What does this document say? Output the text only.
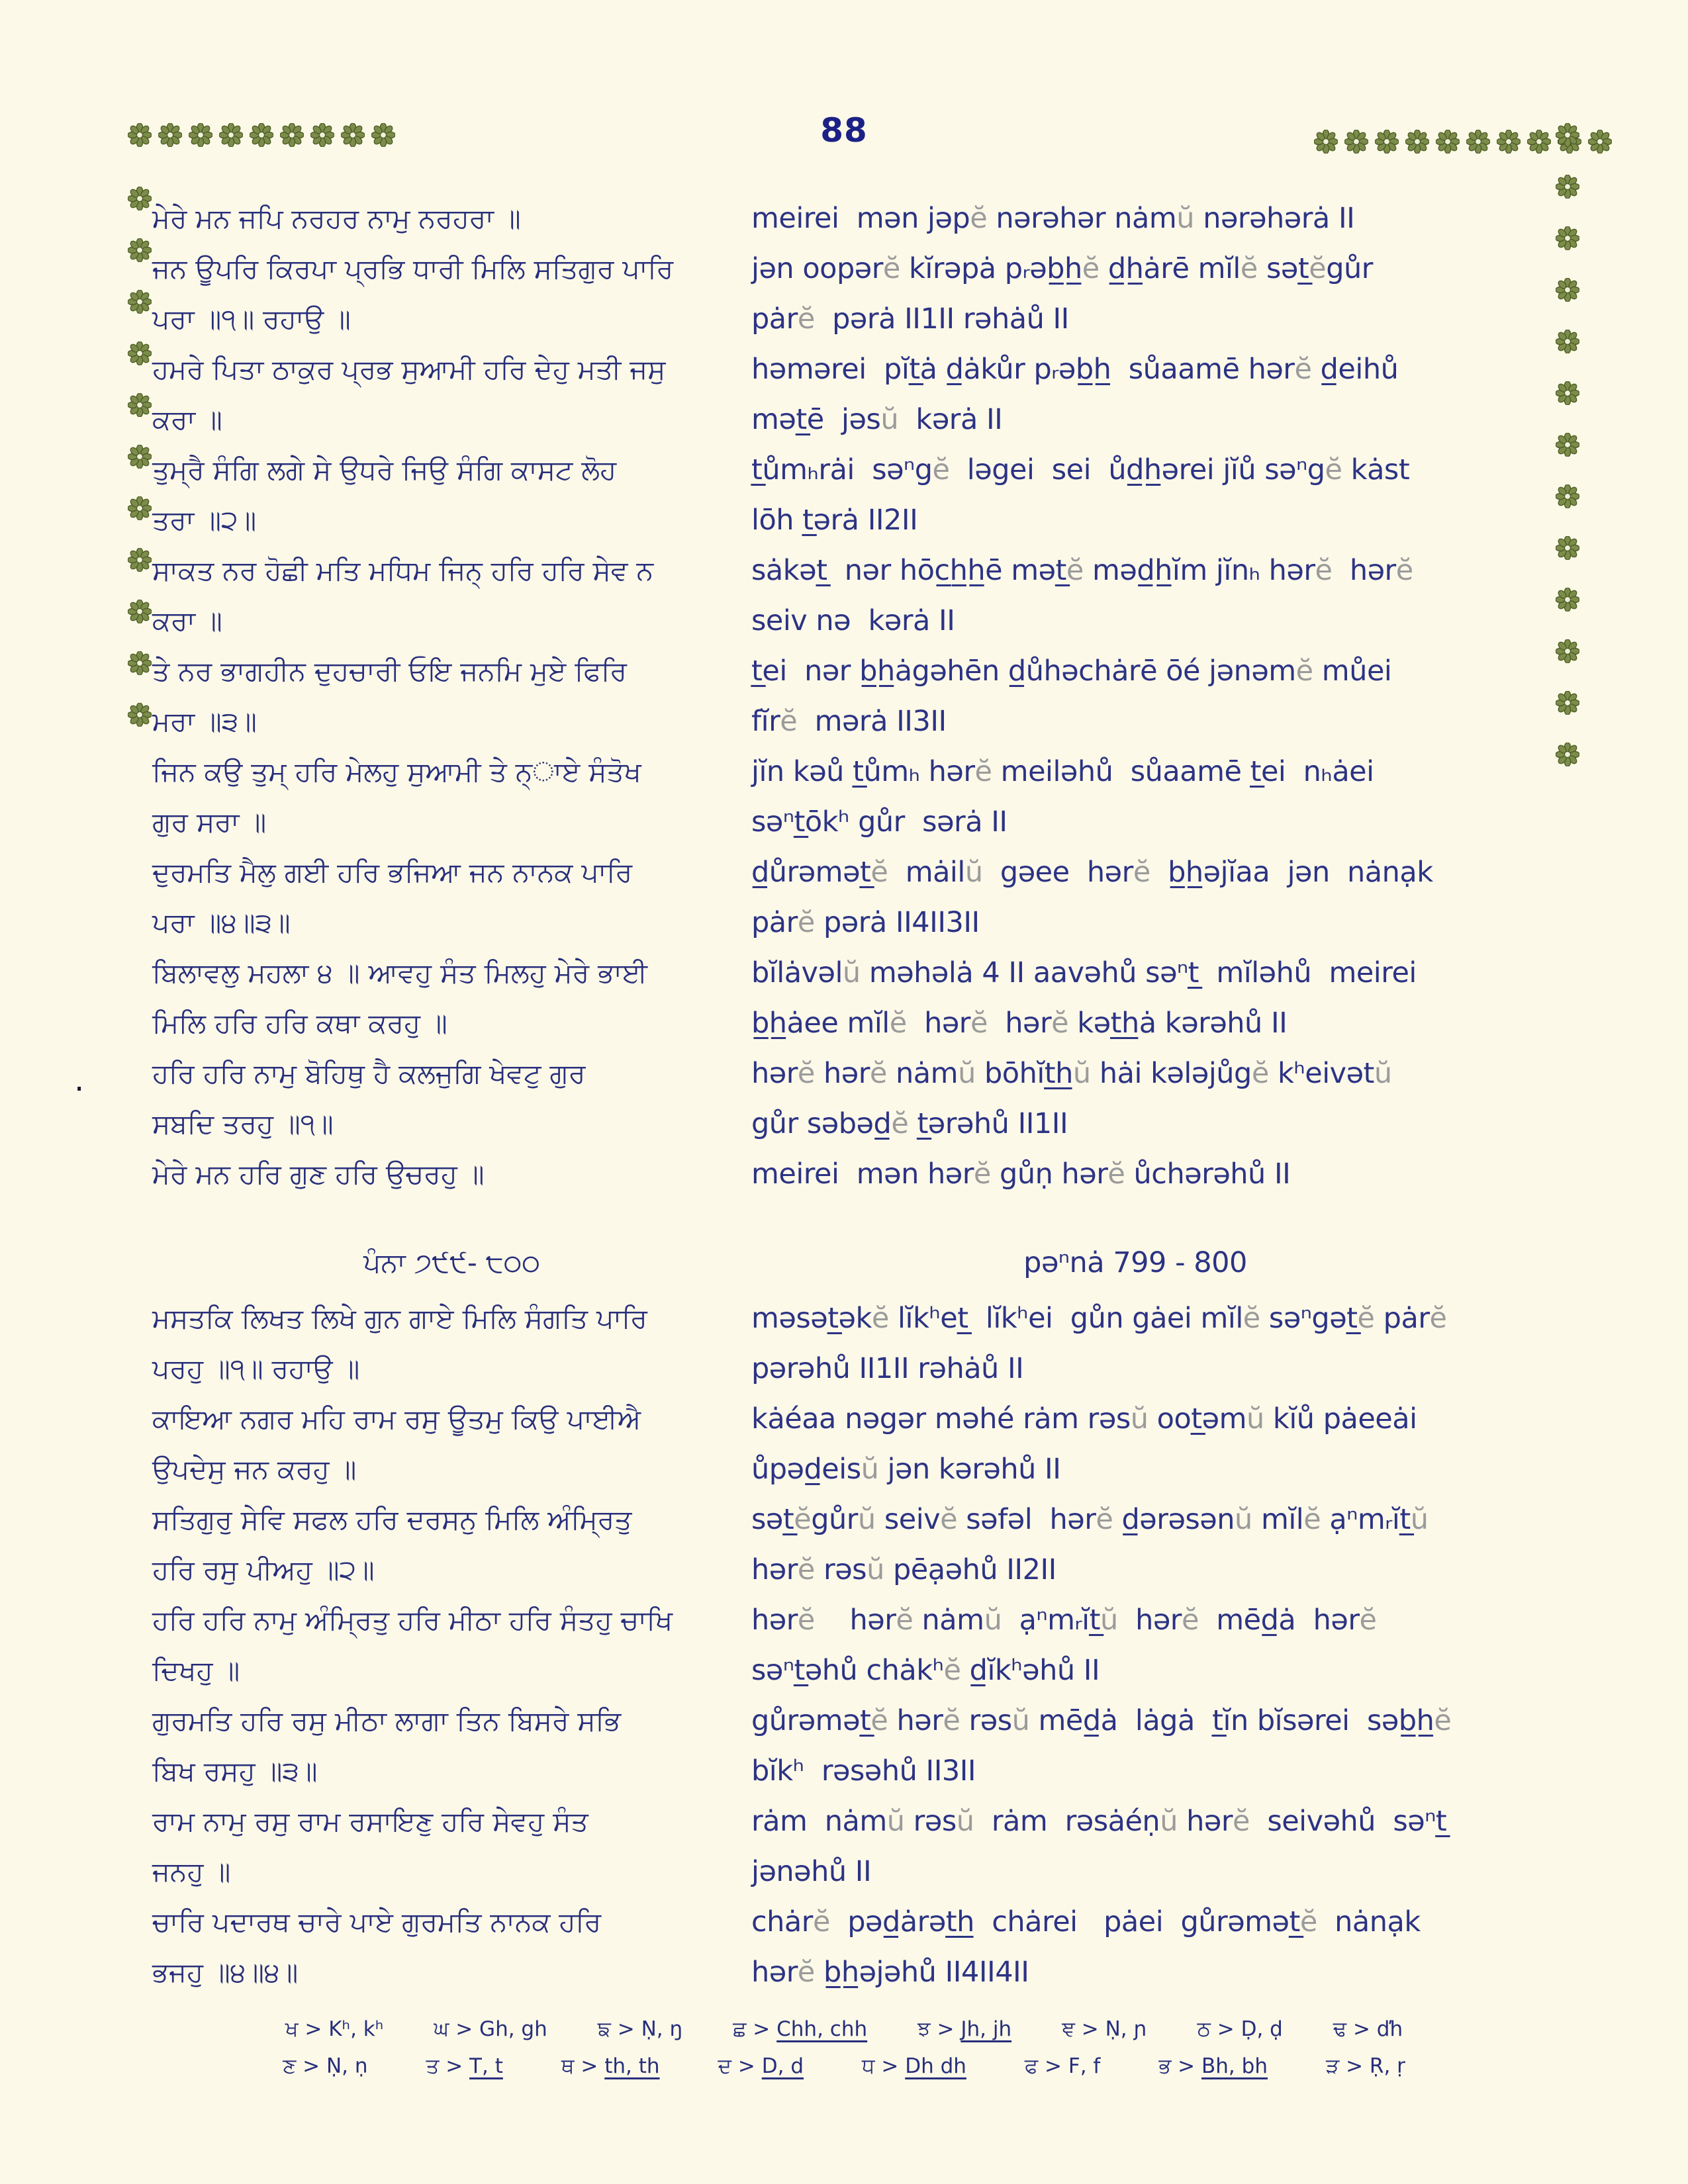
88
ਮੇਰੇ ਮਨ ਜਪਿ ਨਰਹਰ ਨਾਮੁ ਨਰਹਰਾ ॥	meirei  mən jəpĕ nərəhər nȧmŭ nərəhərȧ II
ਜਨ ਊਪਰਿ ਕਿਰਪਾ ਪ੍ਰਭਿ ਧਾਰੀ ਮਿਲਿ ਸਤਿਗੁਰ ਪਾਰਿ	jən oopərĕ kĭrəpȧ pᵣəb̲h̲ĕ d̲h̲ȧrē mĭlĕ sət̲ĕgůr
ਪਰਾ ॥੧॥ ਰਹਾਉ ॥	pȧrĕ  pərȧ II1II rəhȧů II
ਹਮਰੇ ਪਿਤਾ ਠਾਕੁਰ ਪ੍ਰਭ ਸੁਆਮੀ ਹਰਿ ਦੇਹੁ ਮਤੀ ਜਸੁ	həmərei  pĭt̲ȧ d̲ȧkůr pᵣəb̲h̲  sůaamē hərĕ d̲eihů
ਕਰਾ ॥	mət̲ē  jəsŭ  kərȧ II
ਤੁਮ੍ਰੈ ਸੰਗਿ ਲਗੇ ਸੇ ਉਧਰੇ ਜਿਉ ਸੰਗਿ ਕਾਸਟ ਲੋਹ	t̲ůmₕrȧi  səⁿgĕ  ləgei  sei  ůd̲h̲ərei jĭů səⁿgĕ kȧst
ਤਰਾ ॥੨॥	lōh t̲ərȧ II2II
ਸਾਕਤ ਨਰ ਹੋਛੀ ਮਤਿ ਮਧਿਮ ਜਿਨ੍ ਹਰਿ ਹਰਿ ਸੇਵ ਨ	sȧkət̲  nər hōc̲h̲h̲ē mət̲ĕ məd̲h̲ĭm jĭnₕ hərĕ  hərĕ
ਕਰਾ ॥	seiv nə  kərȧ II
ਤੇ ਨਰ ਭਾਗਹੀਨ ਦੁਹਚਾਰੀ ਓਇ ਜਨਮਿ ਮੁਏ ਫਿਰਿ	t̲ei  nər b̲h̲ȧgəhēn d̲ůhəchȧrē ōé jənəmĕ můei
ਮਰਾ ॥੩॥	fĭrĕ  mərȧ II3II
ਜਿਨ ਕਉ ਤੁਮ੍ ਹਰਿ ਮੇਲਹੁ ਸੁਆਮੀ ਤੇ ਨ੍ਾਏ ਸੰਤੋਖ	jĭn kəů t̲ůmₕ hərĕ meiləhů  sůaamē t̲ei  nₕȧei
ਗੁਰ ਸਰਾ ॥	səⁿt̲ōkʰ gůr  sərȧ II
ਦੁਰਮਤਿ ਮੈਲੁ ਗਈ ਹਰਿ ਭਜਿਆ ਜਨ ਨਾਨਕ ਪਾਰਿ	d̲ůrəmət̲ĕ  mȧilŭ  gəee  hərĕ  b̲h̲əjĭaa  jən  nȧnạk
ਪਰਾ ॥੪॥੩॥	pȧrĕ pərȧ II4II3II
ਬਿਲਾਵਲੁ ਮਹਲਾ ੪ ॥ ਆਵਹੁ ਸੰਤ ਮਿਲਹੁ ਮੇਰੇ ਭਾਈ	bĭlȧvəlŭ məhəlȧ 4 II aavəhů səⁿt̲  mĭləhů  meirei
ਮਿਲਿ ਹਰਿ ਹਰਿ ਕਥਾ ਕਰਹੁ ॥	b̲h̲ȧee mĭlĕ  hərĕ  hərĕ kət̲h̲ȧ kərəhů II
ਹਰਿ ਹਰਿ ਨਾਮੁ ਬੋਹਿਥੁ ਹੈ ਕਲਜੁਗਿ ਖੇਵਟੁ ਗੁਰ	hərĕ hərĕ nȧmŭ bōhĭt̲h̲ŭ hȧi kələjůgĕ kʰeivətŭ
ਸਬਦਿ ਤਰਹੁ ॥੧॥	gůr səbəd̲ĕ t̲ərəhů II1II
ਮੇਰੇ ਮਨ ਹਰਿ ਗੁਣ ਹਰਿ ਉਚਰਹੁ ॥	meirei  mən hərĕ gůṇ hərĕ ůchərəhů II
ਪੰਨਾ ੭੯੯- ੮੦੦	pəⁿnȧ 799 - 800
ਮਸਤਕਿ ਲਿਖਤ ਲਿਖੇ ਗੁਨ ਗਾਏ ਮਿਲਿ ਸੰਗਤਿ ਪਾਰਿ	məsət̲əkĕ lĭkʰet̲  lĭkʰei  gůn gȧei mĭlĕ səⁿgət̲ĕ pȧrĕ
ਪਰਹੁ ॥੧॥ ਰਹਾਉ ॥	pərəhů II1II rəhȧů II
ਕਾਇਆ ਨਗਰ ਮਹਿ ਰਾਮ ਰਸੁ ਊਤਮੁ ਕਿਉ ਪਾਈਐ	kȧéaa nəgər məhé rȧm rəsŭ oot̲əmŭ kĭů pȧeeȧi
ਉਪਦੇਸੁ ਜਨ ਕਰਹੁ ॥	ůpəd̲eisŭ jən kərəhů II
ਸਤਿਗੁਰੁ ਸੇਵਿ ਸਫਲ ਹਰਿ ਦਰਸਨੁ ਮਿਲਿ ਅੰਮ੍ਰਿਤੁ	sət̲ĕgůrŭ seivĕ səfəl  hərĕ d̲ərəsənŭ mĭlĕ ạⁿmᵣĭt̲ŭ
ਹਰਿ ਰਸੁ ਪੀਅਹੁ ॥੨॥	hərĕ rəsŭ pēạəhů II2II
ਹਰਿ ਹਰਿ ਨਾਮੁ ਅੰਮ੍ਰਿਤੁ ਹਰਿ ਮੀਠਾ ਹਰਿ ਸੰਤਹੁ ਚਾਖਿ	hərĕ    hərĕ nȧmŭ  ạⁿmᵣĭt̲ŭ  hərĕ  mēd̲ȧ  hərĕ
ਦਿਖਹੁ ॥	səⁿt̲əhů chȧkʰĕ d̲ĭkʰəhů II
ਗੁਰਮਤਿ ਹਰਿ ਰਸੁ ਮੀਠਾ ਲਾਗਾ ਤਿਨ ਬਿਸਰੇ ਸਭਿ	gůrəmət̲ĕ hərĕ rəsŭ mēd̲ȧ  lȧgȧ  t̲ĭn bĭsərei  səb̲h̲ĕ
ਬਿਖ ਰਸਹੁ ॥੩॥	bĭkʰ  rəsəhů II3II
ਰਾਮ ਨਾਮੁ ਰਸੁ ਰਾਮ ਰਸਾਇਣੁ ਹਰਿ ਸੇਵਹੁ ਸੰਤ	rȧm  nȧmŭ rəsŭ  rȧm  rəsȧéṇŭ hərĕ  seivəhů  səⁿt̲
ਜਨਹੁ ॥	jənəhů II
ਚਾਰਿ ਪਦਾਰਥ ਚਾਰੇ ਪਾਏ ਗੁਰਮਤਿ ਨਾਨਕ ਹਰਿ	chȧrĕ  pəd̲ȧrət̲h̲  chȧrei   pȧei  gůrəmət̲ĕ  nȧnạk
ਭਜਹੁ ॥੪॥੪॥	hərĕ b̲h̲əjəhů II4II4II
.
ਖ > Kʰ, kʰ ਘ > Gh, gh ਙ > Ṇ, ŋ ਛ > Chh, chh ਝ > Jh, jh ਞ > Ṇ, ɲ ਠ > Ḍ, ḍ ਢ > ďh
ਣ > Ṇ, ṇ	ਤ > T, t	ਥ > th, th	ਦ > D, d	ਧ > Dh dh	ਫ > F, f	ਭ > Bh, bh	ੜ > Ṛ, ṛ
